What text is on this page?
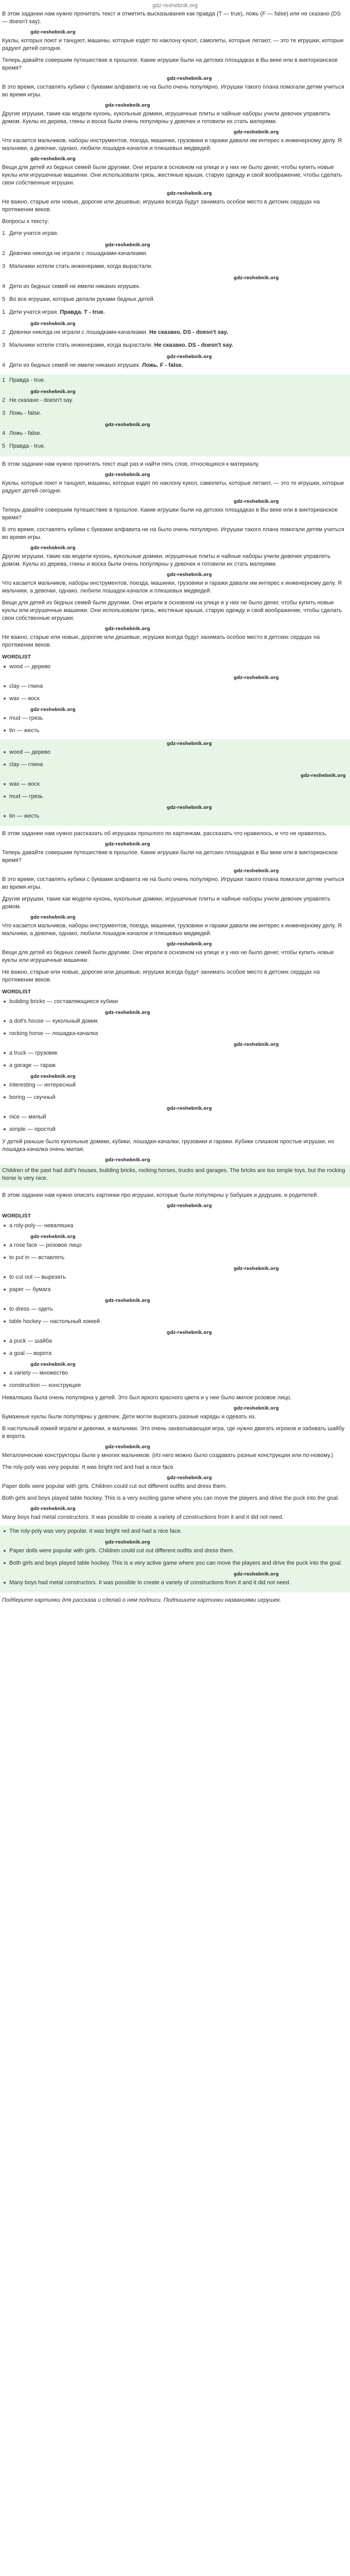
gdz-reshebnik.org

В этом задании нам нужно прочитать текст и отметить высказывания как правда (T — true), ложь (F — false) или не сказано (DS — doesn't say).

gdz-reshebnik.org

Куклы, которых поют и танцуют, машины, которые ездят по наклону кукол, самолеты, которые летают, — это те игрушки, которые радуют детей сегодня.

Теперь давайте совершим путешествие в прошлое. Какие игрушки были на детских площадках в Вы веке или в викторианское время?

gdz-reshebnik.org

В это время, составлять кубики с буквами алфавита не на было очень популярно. Игрушки такого плана помогали детям учиться во время игры.

gdz-reshebnik.org

Другие игрушки, такие как модели кухонь, кукольные домики, игрушечные плиты и чайные наборы учили девочек управлять домом. Куклы из дерева, глины и воска были очень популярны у девочек и готовили их стать матерями.

gdz-reshebnik.org

Что касается мальчиков, наборы инструментов, поезда, машинки, грузовики и гаражи давали им интерес к инженерному делу. Я мальчики, а девочки, однако, любили лошадок-качалок и плюшевых медведей.

gdz-reshebnik.org

Вещи для детей из бедных семей были другими. Они играли в основном на улице и у них не было денег, чтобы купить новые куклы или игрушечные машинки. Они использовали грязь, жестяные крыши, старую одежду и свой воображение, чтобы сделать свои собственные игрушки.

gdz-reshebnik.org

Не важно, старые или новые, дорогие или дешевые, игрушки всегда будут занимать особое место в детских сердцах на протяжении веков.

Вопросы к тексту:

1 Дети учатся играя.
gdz-reshebnik.org
2 Девочки никогда не играли с лошадками-качалками.
3 Мальчики хотели стать инженерами, когда вырастали.
gdz-reshebnik.org
4 Дети из бедных семей не имели никаких игрушек.
5 Во все игрушки, которые делали руками бедных детей.
1 Дети учатся играя. Правда. T - true.
gdz-reshebnik.org
2 Девочки никогда не играли с лошадками-качалками. Не сказано. DS - doesn't say.
3 Мальчики хотели стать инженерами, когда вырастали. Не сказано. DS - doesn't say.
gdz-reshebnik.org
4 Дети из бедных семей не имели никаких игрушек. Ложь. F - false.
1 Правда - true.
gdz-reshebnik.org
2 Не сказано - doesn't say.
3 Ложь - false.
gdz-reshebnik.org
4 Ложь - false.
5 Правда - true.

В этом задании нам нужно прочитать текст ещё раз и найти пять слов, относящихся к материалу.

gdz-reshebnik.org

Куклы, которые поют и танцуют, машины, которые ездят по наклону кукол, самолеты, которые летают, — это те игрушки, которые радуют детей сегодня.

gdz-reshebnik.org

Теперь давайте совершим путешествие в прошлое. Какие игрушки были на детских площадках в Вы веке или в викторианское время?

В это время, составлять кубики с буквами алфавита не на было очень популярно. Игрушки такого плана помогали детям учиться во время игры.

gdz-reshebnik.org

Другие игрушки, такие как модели кухонь, кукольные домики, игрушечные плиты и чайные наборы учили девочек управлять домом. Куклы из дерева, глины и воска были очень популярны у девочек и готовили их стать матерями.

gdz-reshebnik.org

Что касается мальчиков, наборы инструментов, поезда, машинки, грузовики и гаражи давали им интерес к инженерному делу. Я мальчики, а девочки, однако, любили лошадок-качалок и плюшевых медведей.

Вещи для детей из бедных семей были другими. Они играли в основном на улице и у них не было денег, чтобы купить новые куклы или игрушечные машинки. Они использовали грязь, жестяные крыши, старую одежду и свой воображение, чтобы сделать свои собственные игрушки.

gdz-reshebnik.org

Не важно, старые или новые, дорогие или дешевые, игрушки всегда будут занимать особое место в детских сердцах на протяжении веков.

WORDLIST
wood — дерево
gdz-reshebnik.org
clay — глина
wax — воск
gdz-reshebnik.org
mud — грязь
tin — жесть
gdz-reshebnik.org
wood — дерево
clay — глина
gdz-reshebnik.org
wax — воск
mud — грязь
gdz-reshebnik.org
tin — жесть

В этом задании нам нужно рассказать об игрушках прошлого по картинкам, рассказать что нравилось, и что не нравилось.

gdz-reshebnik.org

Теперь давайте совершим путешествие в прошлое. Какие игрушки были на детских площадках в Вы веке или в викторианское время?

gdz-reshebnik.org

В это время, составлять кубики с буквами алфавита не на было очень популярно. Игрушки такого плана помогали детям учиться во время игры.

Другие игрушки, такие как модели кухонь, кукольные домики, игрушечные плиты и чайные наборы учили девочек управлять домом.

gdz-reshebnik.org

Что касается мальчиков, наборы инструментов, поезда, машинки, грузовики и гаражи давали им интерес к инженерному делу. Я мальчики, а девочки, однако, любили лошадок-качалок и плюшевых медведей.

gdz-reshebnik.org

Вещи для детей из бедных семей были другими. Они играли в основном на улице и у них не было денег, чтобы купить новые куклы или игрушечные машинки.

Не важно, старые или новые, дорогие или дешевые, игрушки всегда будут занимать особое место в детских сердцах на протяжении веков.

WORDLIST
building bricks — составляющиеся кубики
gdz-reshebnik.org
a doll's house — кукольный домик
rocking horse — лошадка-качалка
gdz-reshebnik.org
a truck — грузовик
a garage — гараж
gdz-reshebnik.org
interesting — интересный
boring — скучный
gdz-reshebnik.org
nice — милый
simple — простой

У детей раньше было кукольные домики, кубики, лошадки-качалки, грузовики и гаражи. Кубики слишком простые игрушки, но лошадка-качалка очень милая.

gdz-reshebnik.org

Children of the past had doll's houses, building bricks, rocking horses, trucks and garages. The bricks are too simple toys, but the rocking horse is very nice.

В этом задании нам нужно описать картинки про игрушки, которые были популярны у бабушек и дедушек, и родителей.

gdz-reshebnik.org
WORDLIST
a roly-poly — неваляшка
gdz-reshebnik.org
a rose face — розовое лицо
to put in — вставлять
gdz-reshebnik.org
to cut out — вырезать
paper — бумага
gdz-reshebnik.org
to dress — одеть
table hockey — настольный хоккей
gdz-reshebnik.org
a puck — шайба
a goal — ворота
gdz-reshebnik.org
a variety — множество
construction — конструкция

Неваляшка была очень популярна у детей. Это был яркого красного цвета и у нее было милое розовое лицо.

gdz-reshebnik.org

Бумажные куклы были популярны у девочек. Дети могли вырезать разные наряды и одевать их.

В настольный хоккей играли и девочки, и мальчики. Это очень захватывающая игра, где нужно двигать игроков и забивать шайбу в ворота.

gdz-reshebnik.org

Металлические конструкторы были у многих мальчиков. (Из него можно было создавать разные конструкции или по-новому.)

The roly-poly was very popular. It was bright red and had a nice face.

gdz-reshebnik.org

Paper dolls were popular with girls. Children could cut out different outfits and dress them.

Both girls and boys played table hockey. This is a very exciting game where you can move the players and drive the puck into the goal.

gdz-reshebnik.org

Many boys had metal constructors. It was possible to create a variety of constructions from it and it did not need.

The roly-poly was very popular. It was bright red and had a nice face.
gdz-reshebnik.org
Paper dolls were popular with girls. Children could cut out different outfits and dress them.
Both girls and boys played table hockey. This is a very active game where you can move the players and drive the puck into the goal.
gdz-reshebnik.org
Many boys had metal constructors. It was possible to create a variety of constructions from it and it did not need.

Подберите картинки для рассказа и сделай о нем подписи. Подпишите картинки названиями игрушек.
